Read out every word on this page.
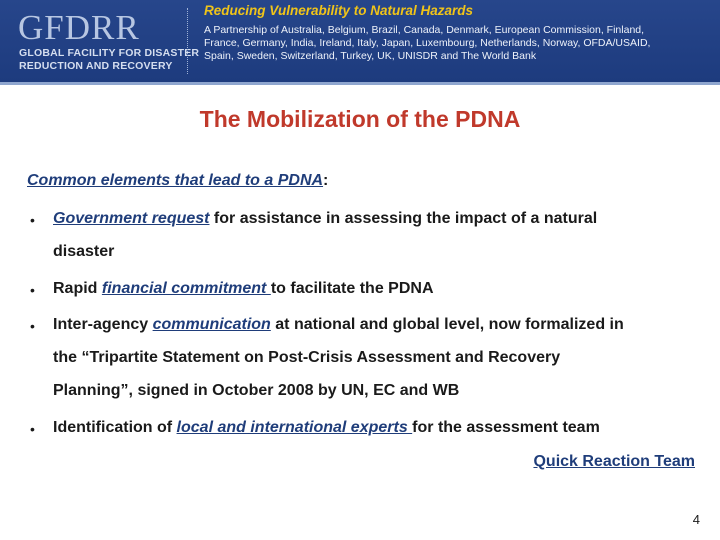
GFDRR
GLOBAL FACILITY FOR DISASTER
REDUCTION AND RECOVERY
Reducing Vulnerability to Natural Hazards
A Partnership of Australia, Belgium, Brazil, Canada, Denmark, European Commission, Finland,
France, Germany, India, Ireland, Italy, Japan, Luxembourg, Netherlands, Norway, OFDA/USAID,
Spain, Sweden, Switzerland, Turkey, UK, UNISDR and The World Bank
The Mobilization of the PDNA
Common elements that lead to a PDNA:
• Government request for assistance in assessing the impact of a natural
disaster
• Rapid financial commitment to facilitate the PDNA
• Inter-agency communication at national and global level, now formalized in
the “Tripartite Statement on Post-Crisis Assessment and Recovery
Planning”, signed in October 2008 by UN, EC and WB
• Identification of local and international experts for the assessment team
Quick Reaction Team
4
